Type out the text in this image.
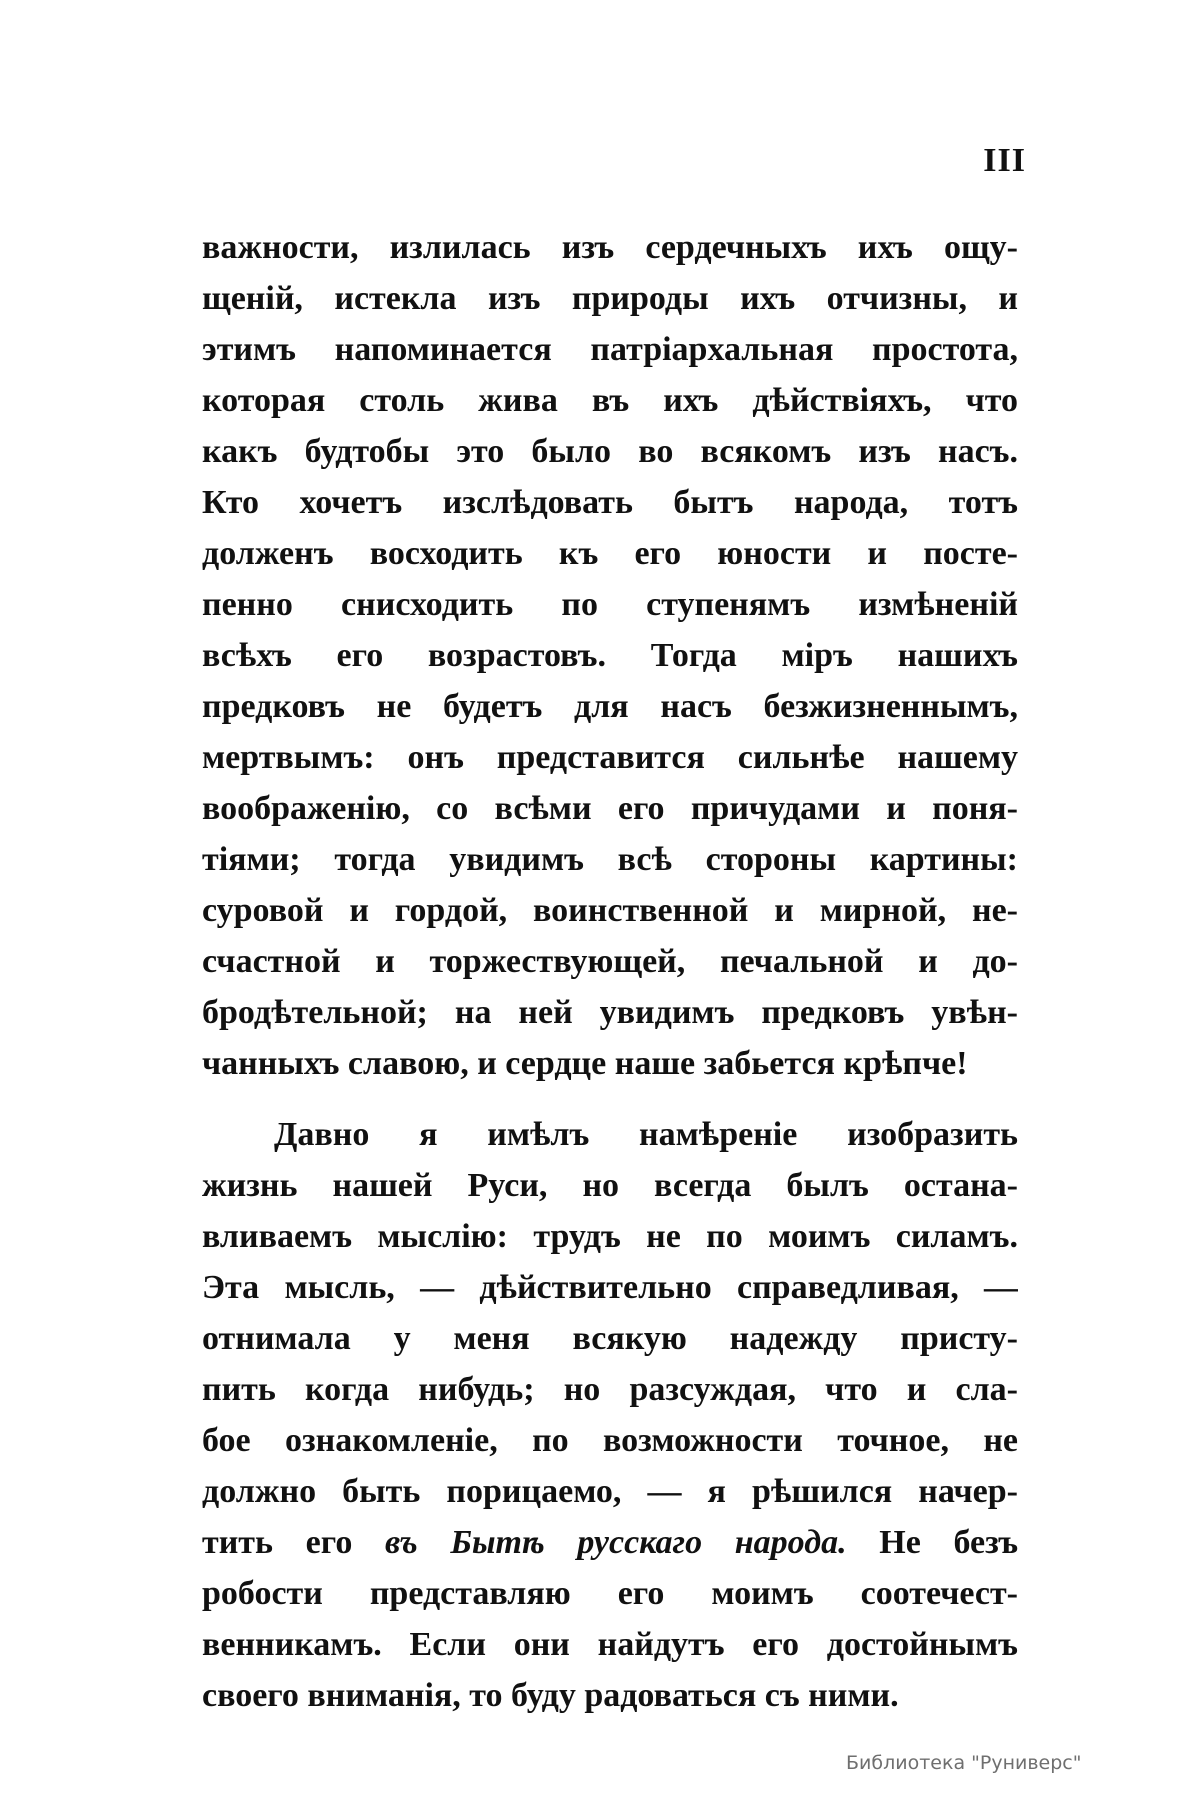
III
важности, излилась изъ сердечныхъ ихъ ощу-
щеній, истекла изъ природы ихъ отчизны, и
этимъ напоминается патріархальная простота,
которая столь жива въ ихъ дѣйствіяхъ, что
какъ будтобы это было во всякомъ изъ насъ.
Кто хочетъ изслѣдовать бытъ народа, тотъ
долженъ восходить къ его юности и посте-
пенно снисходить по ступенямъ измѣненій
всѣхъ его возрастовъ. Тогда міръ нашихъ
предковъ не будетъ для насъ безжизненнымъ,
мертвымъ: онъ представится сильнѣе нашему
воображенію, со всѣми его причудами и поня-
тіями; тогда увидимъ всѣ стороны картины:
суровой и гордой, воинственной и мирной, не-
счастной и торжествующей, печальной и до-
бродѣтельной; на ней увидимъ предковъ увѣн-
чанныхъ славою, и сердце наше забьется крѣпче!
Давно я имѣлъ намѣреніе изобразить
жизнь нашей Руси, но всегда былъ остана-
вливаемъ мыслію: трудъ не по моимъ силамъ.
Эта мысль, — дѣйствительно справедливая, —
отнимала у меня всякую надежду присту-
пить когда нибудь; но разсуждая, что и сла-
бое ознакомленіе, по возможности точное, не
должно быть порицаемо, — я рѣшился начер-
тить его въ Бытѣ русскаго народа. Не безъ
робости представляю его моимъ соотечест-
венникамъ. Если они найдутъ его достойнымъ
своего вниманія, то буду радоваться съ ними.
Библиотека "Руниверс"
